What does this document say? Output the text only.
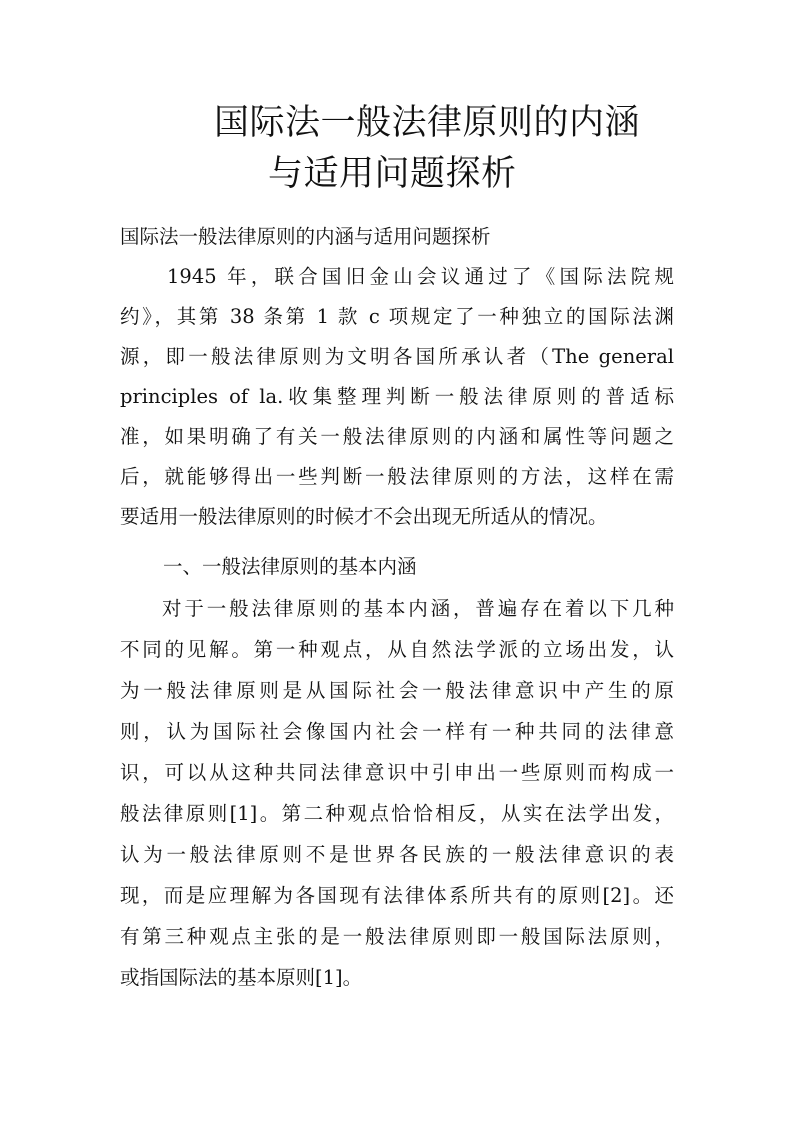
国际法一般法律原则的内涵
与适用问题探析
国际法一般法律原则的内涵与适用问题探析
1945 年，联合国旧金山会议通过了《国际法院规
约》，其第 38 条第 1 款 c 项规定了一种独立的国际法渊
源，即一般法律原则为文明各国所承认者（The general
principles of la.收集整理判断一般法律原则的普适标
准，如果明确了有关一般法律原则的内涵和属性等问题之
后，就能够得出一些判断一般法律原则的方法，这样在需
要适用一般法律原则的时候才不会出现无所适从的情况。
一、一般法律原则的基本内涵
对于一般法律原则的基本内涵，普遍存在着以下几种
不同的见解。第一种观点，从自然法学派的立场出发，认
为一般法律原则是从国际社会一般法律意识中产生的原
则，认为国际社会像国内社会一样有一种共同的法律意
识，可以从这种共同法律意识中引申出一些原则而构成一
般法律原则[1]。第二种观点恰恰相反，从实在法学出发，
认为一般法律原则不是世界各民族的一般法律意识的表
现，而是应理解为各国现有法律体系所共有的原则[2]。还
有第三种观点主张的是一般法律原则即一般国际法原则，
或指国际法的基本原则[1]。
